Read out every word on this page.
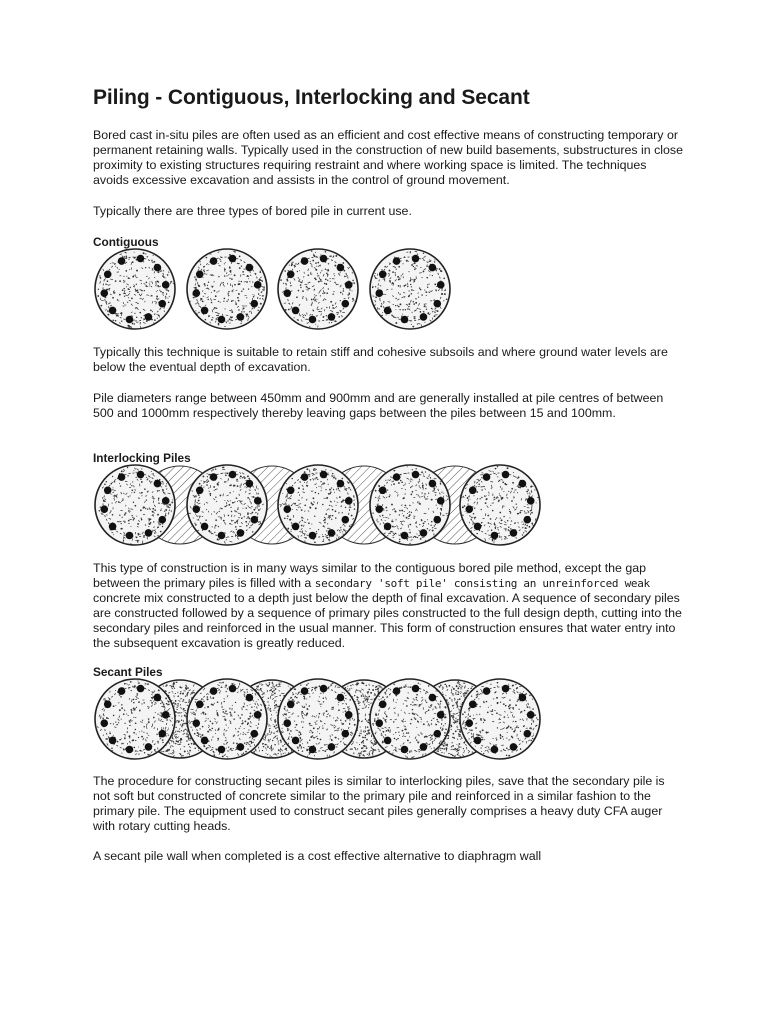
Piling - Contiguous, Interlocking and Secant

Bored cast in-situ piles are often used as an efficient and cost effective means of constructing temporary or permanent retaining walls. Typically used in the construction of new build basements, substructures in close proximity to existing structures requiring restraint and where working space is limited. The techniques avoids excessive excavation and assists in the control of ground movement.

Typically there are three types of bored pile in current use.

Contiguous

Typically this technique is suitable to retain stiff and cohesive subsoils and where ground water levels are below the eventual depth of excavation.

Pile diameters range between 450mm and 900mm and are generally installed at pile centres of between 500 and 1000mm respectively thereby leaving gaps between the piles between 15 and 100mm.

Interlocking Piles

This type of construction is in many ways similar to the contiguous bored pile method, except the gap between the primary piles is filled with a secondary 'soft pile' consisting an unreinforced weak concrete mix constructed to a depth just below the depth of final excavation. A sequence of secondary piles are constructed followed by a sequence of primary piles constructed to the full design depth, cutting into the secondary piles and reinforced in the usual manner. This form of construction ensures that water entry into the subsequent excavation is greatly reduced.

Secant Piles

The procedure for constructing secant piles is similar to interlocking piles, save that the secondary pile is not soft but constructed of concrete similar to the primary pile and reinforced in a similar fashion to the primary pile. The equipment used to construct secant piles generally comprises a heavy duty CFA auger with rotary cutting heads.

A secant pile wall when completed is a cost effective alternative to diaphragm wall
